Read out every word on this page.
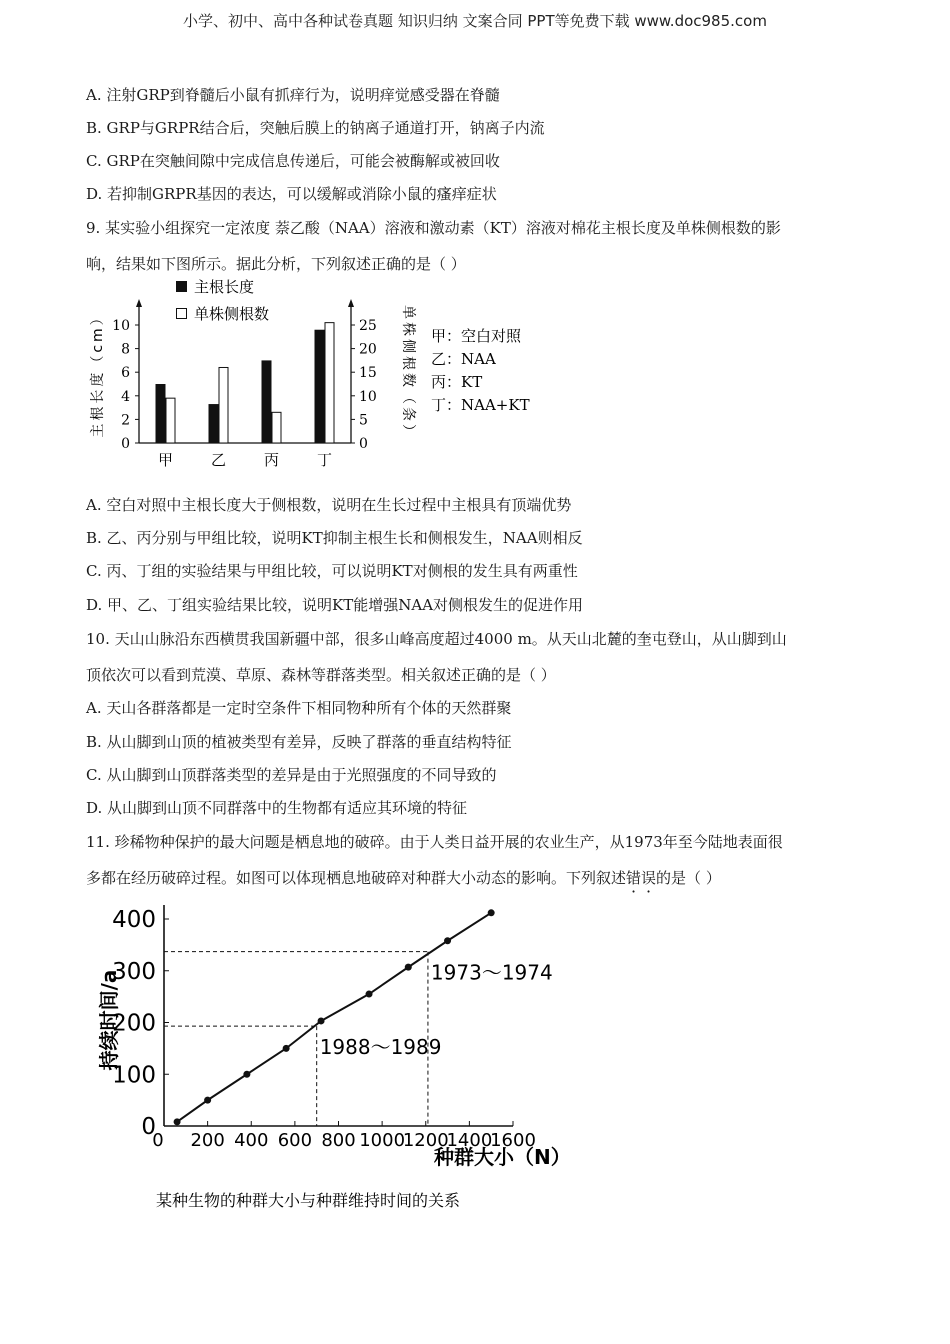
小学、初中、高中各种试卷真题 知识归纳 文案合同 PPT等免费下载 www.doc985.com
A. 注射GRP到脊髓后小鼠有抓痒行为，说明痒觉感受器在脊髓
B. GRP与GRPR结合后，突触后膜上的钠离子通道打开，钠离子内流
C. GRP在突触间隙中完成信息传递后，可能会被酶解或被回收
D. 若抑制GRPR基因的表达，可以缓解或消除小鼠的瘙痒症状
9. 某实验小组探究一定浓度 萘乙酸（NAA）溶液和激动素（KT）溶液对棉花主根长度及单株侧根数的影
响，结果如下图所示。据此分析，下列叙述正确的是（ ）
主根长度
单株侧根数
0
2
4
6
8
10
0
5
10
15
20
25
甲	乙	丙	丁
主根长度（cm）	单株侧根数（条） 甲：空白对照
乙：NAA
丙：KT
丁：NAA+KT
A. 空白对照中主根长度大于侧根数，说明在生长过程中主根具有顶端优势
B. 乙、丙分别与甲组比较，说明KT抑制主根生长和侧根发生，NAA则相反
C. 丙、丁组的实验结果与甲组比较，可以说明KT对侧根的发生具有两重性
D. 甲、乙、丁组实验结果比较，说明KT能增强NAA对侧根发生的促进作用
10. 天山山脉沿东西横贯我国新疆中部，很多山峰高度超过4000 m。从天山北麓的奎屯登山，从山脚到山
顶依次可以看到荒漠、草原、森林等群落类型。相关叙述正确的是（ ）
A. 天山各群落都是一定时空条件下相同物种所有个体的天然群聚
B. 从山脚到山顶的植被类型有差异，反映了群落的垂直结构特征
C. 从山脚到山顶群落类型的差异是由于光照强度的不同导致的
D. 从山脚到山顶不同群落中的生物都有适应其环境的特征
11. 珍稀物种保护的最大问题是栖息地的破碎。由于人类日益开展的农业生产，从1973年至今陆地表面很
多都在经历破碎过程。如图可以体现栖息地破碎对种群大小动态的影响。下列叙述错误的是（ ）
0
100
200
300
400
0 200 400 600 800 1000
1200
1400
1600
1988～1989
1973～1974
持续时间/a
种群大小（N）
某种生物的种群大小与种群维持时间的关系
